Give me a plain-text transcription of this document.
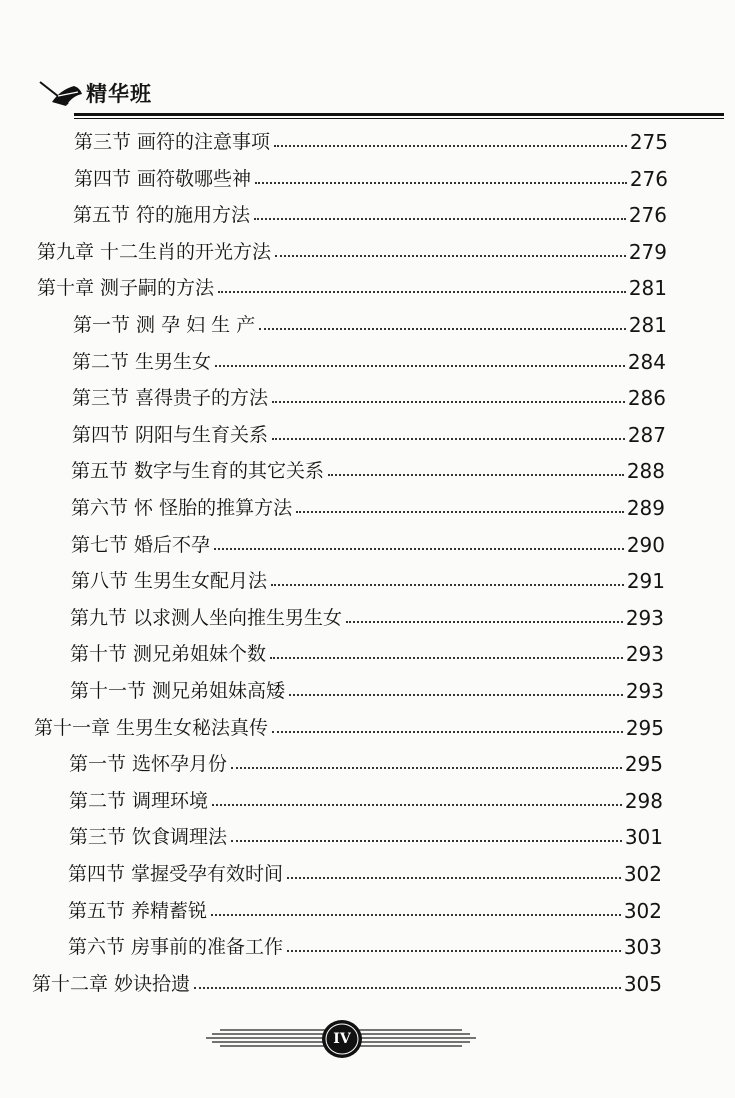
精华班
第三节 画符的注意事项	275
第四节 画符敬哪些神	276
第五节 符的施用方法	276
第九章 十二生肖的开光方法	279
第十章 测子嗣的方法	281
第一节 测 孕 妇 生 产	281
第二节 生男生女	284
第三节 喜得贵子的方法	286
第四节 阴阳与生育关系	287
第五节 数字与生育的其它关系	288
第六节 怀 怪胎的推算方法	289
第七节 婚后不孕	290
第八节 生男生女配月法	291
第九节 以求测人坐向推生男生女	293
第十节 测兄弟姐妹个数	293
第十一节 测兄弟姐妹高矮	293
第十一章 生男生女秘法真传	295
第一节 选怀孕月份	295
第二节 调理环境	298
第三节 饮食调理法	301
第四节 掌握受孕有效时间	302
第五节 养精蓄锐	302
第六节 房事前的准备工作	303
第十二章 妙诀拾遗	305
IV
